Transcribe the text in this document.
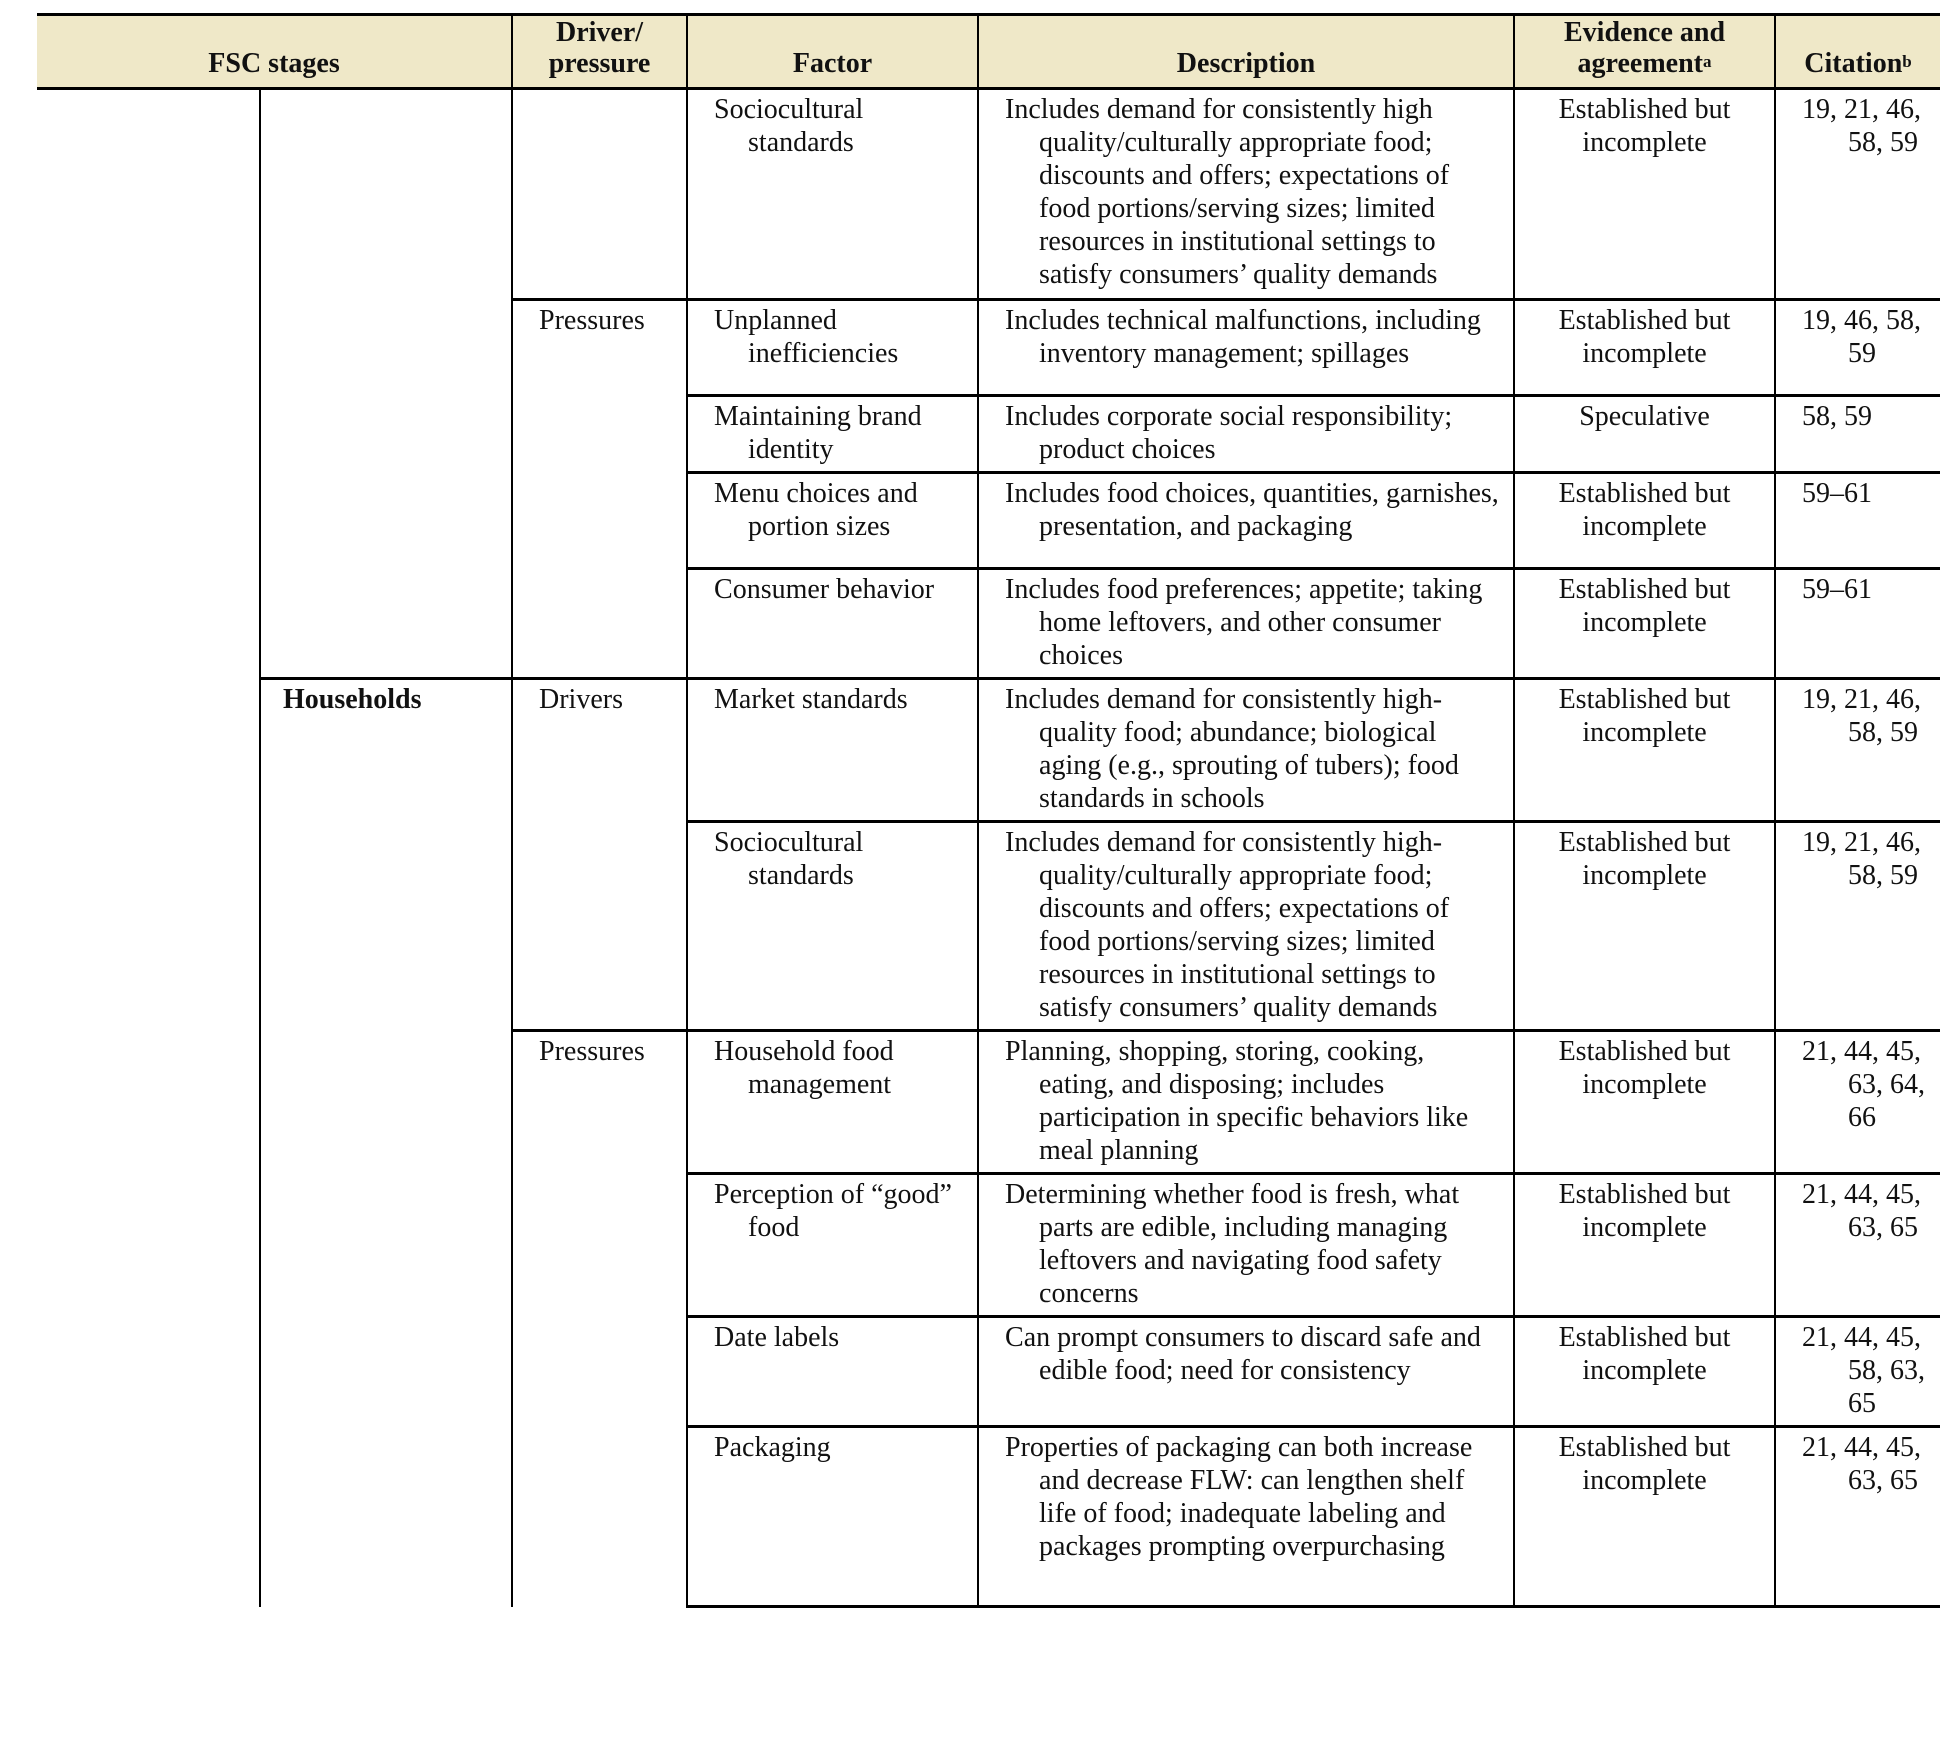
FSC stages		Driver/ pressure	Factor	Description	Evidence and agreement$^a$	Citation$^b$

			Sociocultural standards	Includes demand for consistently high quality/culturally appropriate food; discounts and offers; expectations of food portions/serving sizes; limited resources in institutional settings to satisfy consumers’ quality demands	Established but incomplete	19, 21, 46, 58, 59

		Pressures	Unplanned inefficiencies	Includes technical malfunctions, including inventory management; spillages	Established but incomplete	19, 46, 58, 59

			Maintaining brand identity	Includes corporate social responsibility; product choices	Speculative	58, 59

			Menu choices and portion sizes	Includes food choices, quantities, garnishes, presentation, and packaging	Established but incomplete	59–61

			Consumer behavior	Includes food preferences; appetite; taking home leftovers, and other consumer choices	Established but incomplete	59–61

	Households	Drivers	Market standards	Includes demand for consistently high-quality food; abundance; biological aging (e.g., sprouting of tubers); food standards in schools	Established but incomplete	19, 21, 46, 58, 59

			Sociocultural standards	Includes demand for consistently high-quality/culturally appropriate food; discounts and offers; expectations of food portions/serving sizes; limited resources in institutional settings to satisfy consumers’ quality demands	Established but incomplete	19, 21, 46, 58, 59

		Pressures	Household food management	Planning, shopping, storing, cooking, eating, and disposing; includes participation in specific behaviors like meal planning	Established but incomplete	21, 44, 45, 63, 64, 66

			Perception of “good” food	Determining whether food is fresh, what parts are edible, including managing leftovers and navigating food safety concerns	Established but incomplete	21, 44, 45, 63, 65

			Date labels	Can prompt consumers to discard safe and edible food; need for consistency	Established but incomplete	21, 44, 45, 58, 63, 65

			Packaging	Properties of packaging can both increase and decrease FLW: can lengthen shelf life of food; inadequate labeling and packages prompting overpurchasing	Established but incomplete	21, 44, 45, 63, 65
